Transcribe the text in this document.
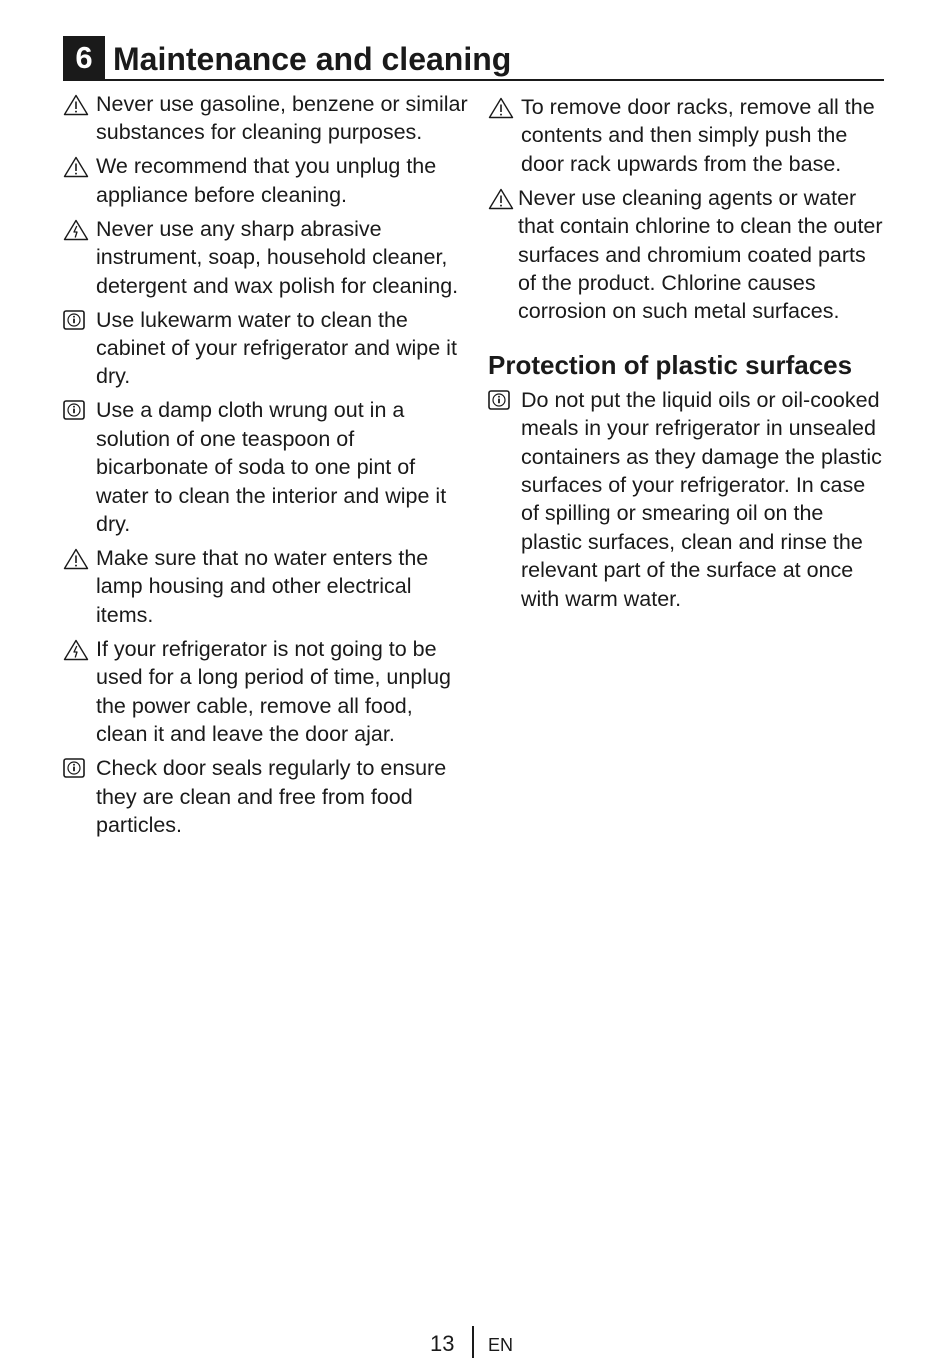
6 Maintenance and cleaning
Never use gasoline, benzene or similar substances for cleaning purposes.
We recommend that you unplug the appliance before cleaning.
Never use any sharp abrasive instrument, soap, household cleaner, detergent and wax polish for cleaning.
Use lukewarm water to clean the cabinet of your refrigerator and wipe it dry.
Use a damp cloth wrung out in a solution of one teaspoon of bicarbonate of soda to one pint of water to clean the interior and wipe it dry.
Make sure that no water enters the lamp housing and other electrical items.
If your refrigerator is not going to be used for a long period of time, unplug the power cable, remove all food, clean it and leave the door ajar.
Check door seals regularly to ensure they are clean and free from food particles.
To remove door racks, remove all the contents and then simply push the door rack upwards from the base.
Never use cleaning agents or water that contain chlorine to clean the outer surfaces and chromium coated parts of the product. Chlorine causes corrosion on such metal surfaces.
Protection of plastic surfaces
Do not put the liquid oils or oil-cooked meals in your refrigerator in unsealed containers as they damage the plastic surfaces of your refrigerator. In case of spilling or smearing oil on the plastic surfaces, clean and rinse the relevant part of the surface at once with warm water.
13 EN
